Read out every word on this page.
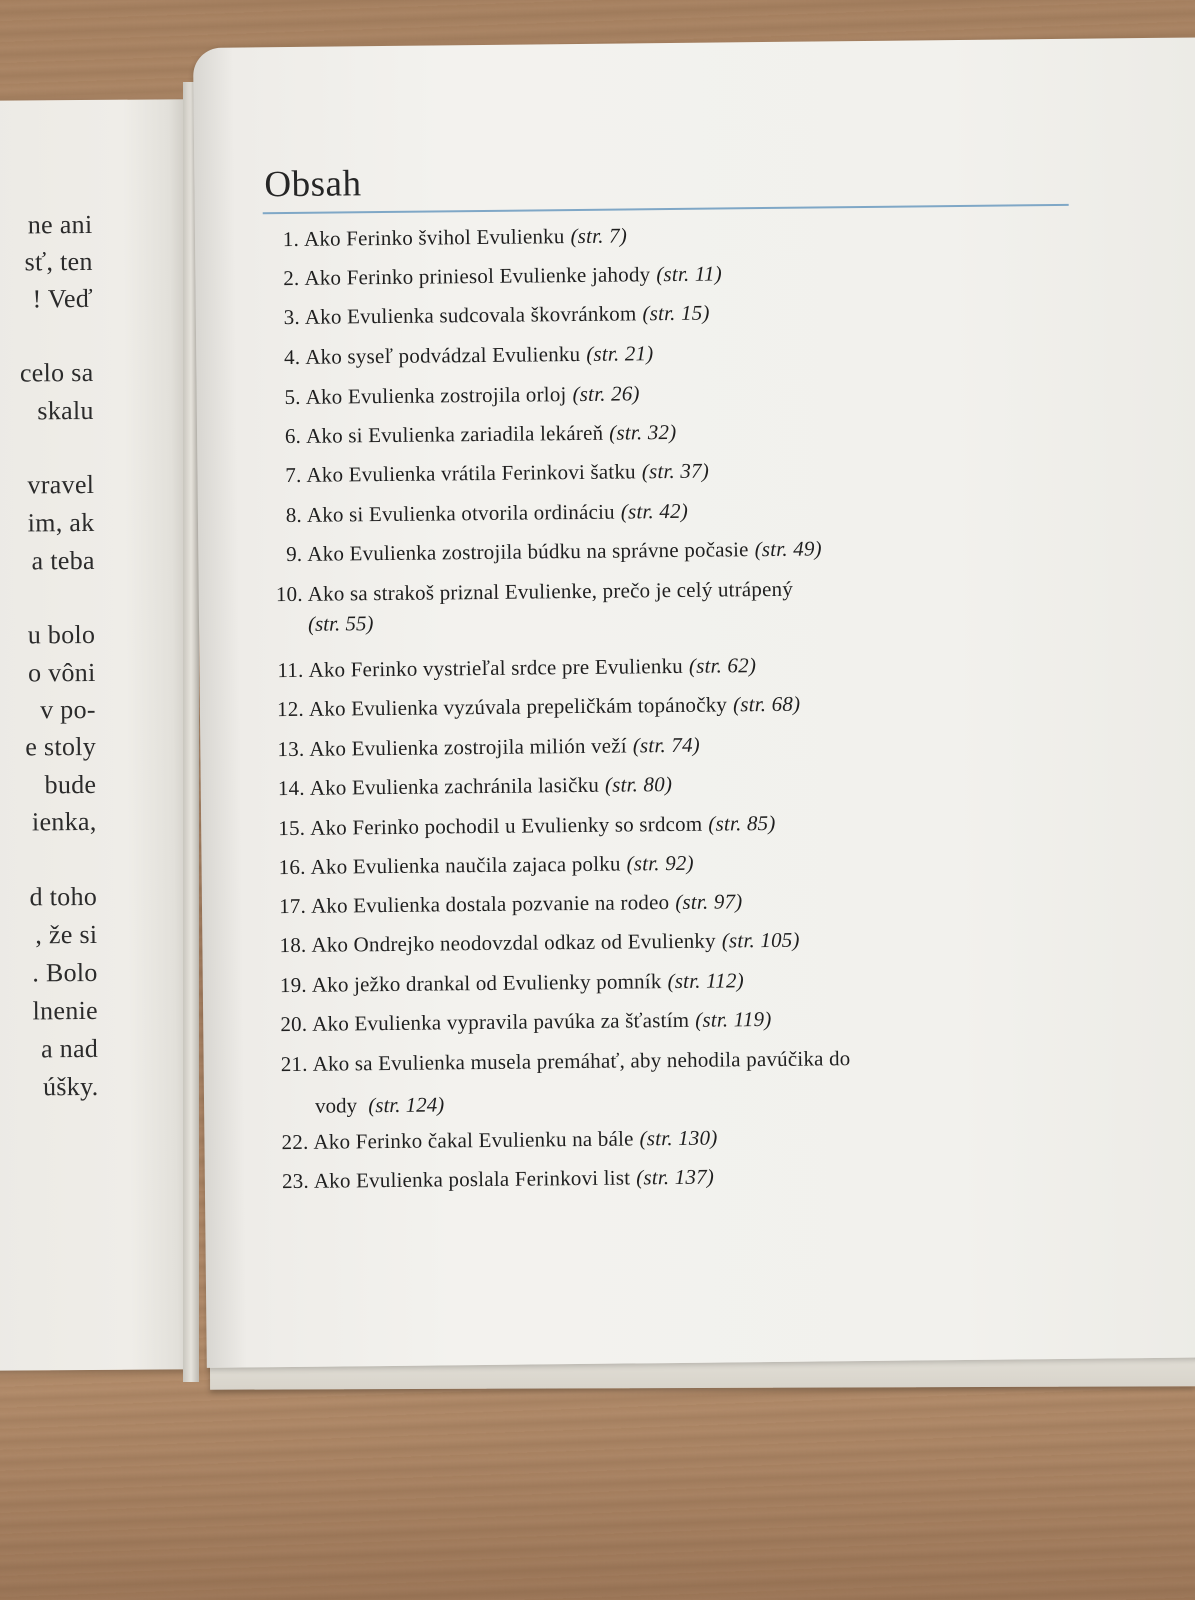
ne ani
sť, ten
! Veď
celo sa
skalu
vravel
im, ak
a teba
u bolo
o vôni
v po-
e stoly
bude
ienka,
d toho
, že si
. Bolo
lnenie
a nad
úšky.
Obsah
1. Ako Ferinko švihol Evulienku (str. 7)
2. Ako Ferinko priniesol Evulienke jahody (str. 11)
3. Ako Evulienka sudcovala škovránkom (str. 15)
4. Ako syseľ podvádzal Evulienku (str. 21)
5. Ako Evulienka zostrojila orloj (str. 26)
6. Ako si Evulienka zariadila lekáreň (str. 32)
7. Ako Evulienka vrátila Ferinkovi šatku (str. 37)
8. Ako si Evulienka otvorila ordináciu (str. 42)
9. Ako Evulienka zostrojila búdku na správne počasie (str. 49)
10. Ako sa strakoš priznal Evulienke, prečo je celý utrápený
11. Ako Ferinko vystrieľal srdce pre Evulienku (str. 62)
12. Ako Evulienka vyzúvala prepeličkám topánočky (str. 68)
13. Ako Evulienka zostrojila milión veží (str. 74)
14. Ako Evulienka zachránila lasičku (str. 80)
15. Ako Ferinko pochodil u Evulienky so srdcom (str. 85)
16. Ako Evulienka naučila zajaca polku (str. 92)
17. Ako Evulienka dostala pozvanie na rodeo (str. 97)
18. Ako Ondrejko neodovzdal odkaz od Evulienky (str. 105)
19. Ako ježko drankal od Evulienky pomník (str. 112)
20. Ako Evulienka vypravila pavúka za šťastím (str. 119)
21. Ako sa Evulienka musela premáhať, aby nehodila pavúčika do
22. Ako Ferinko čakal Evulienku na bále (str. 130)
23. Ako Evulienka poslala Ferinkovi list (str. 137)
(str. 55)
vody (str. 124)
